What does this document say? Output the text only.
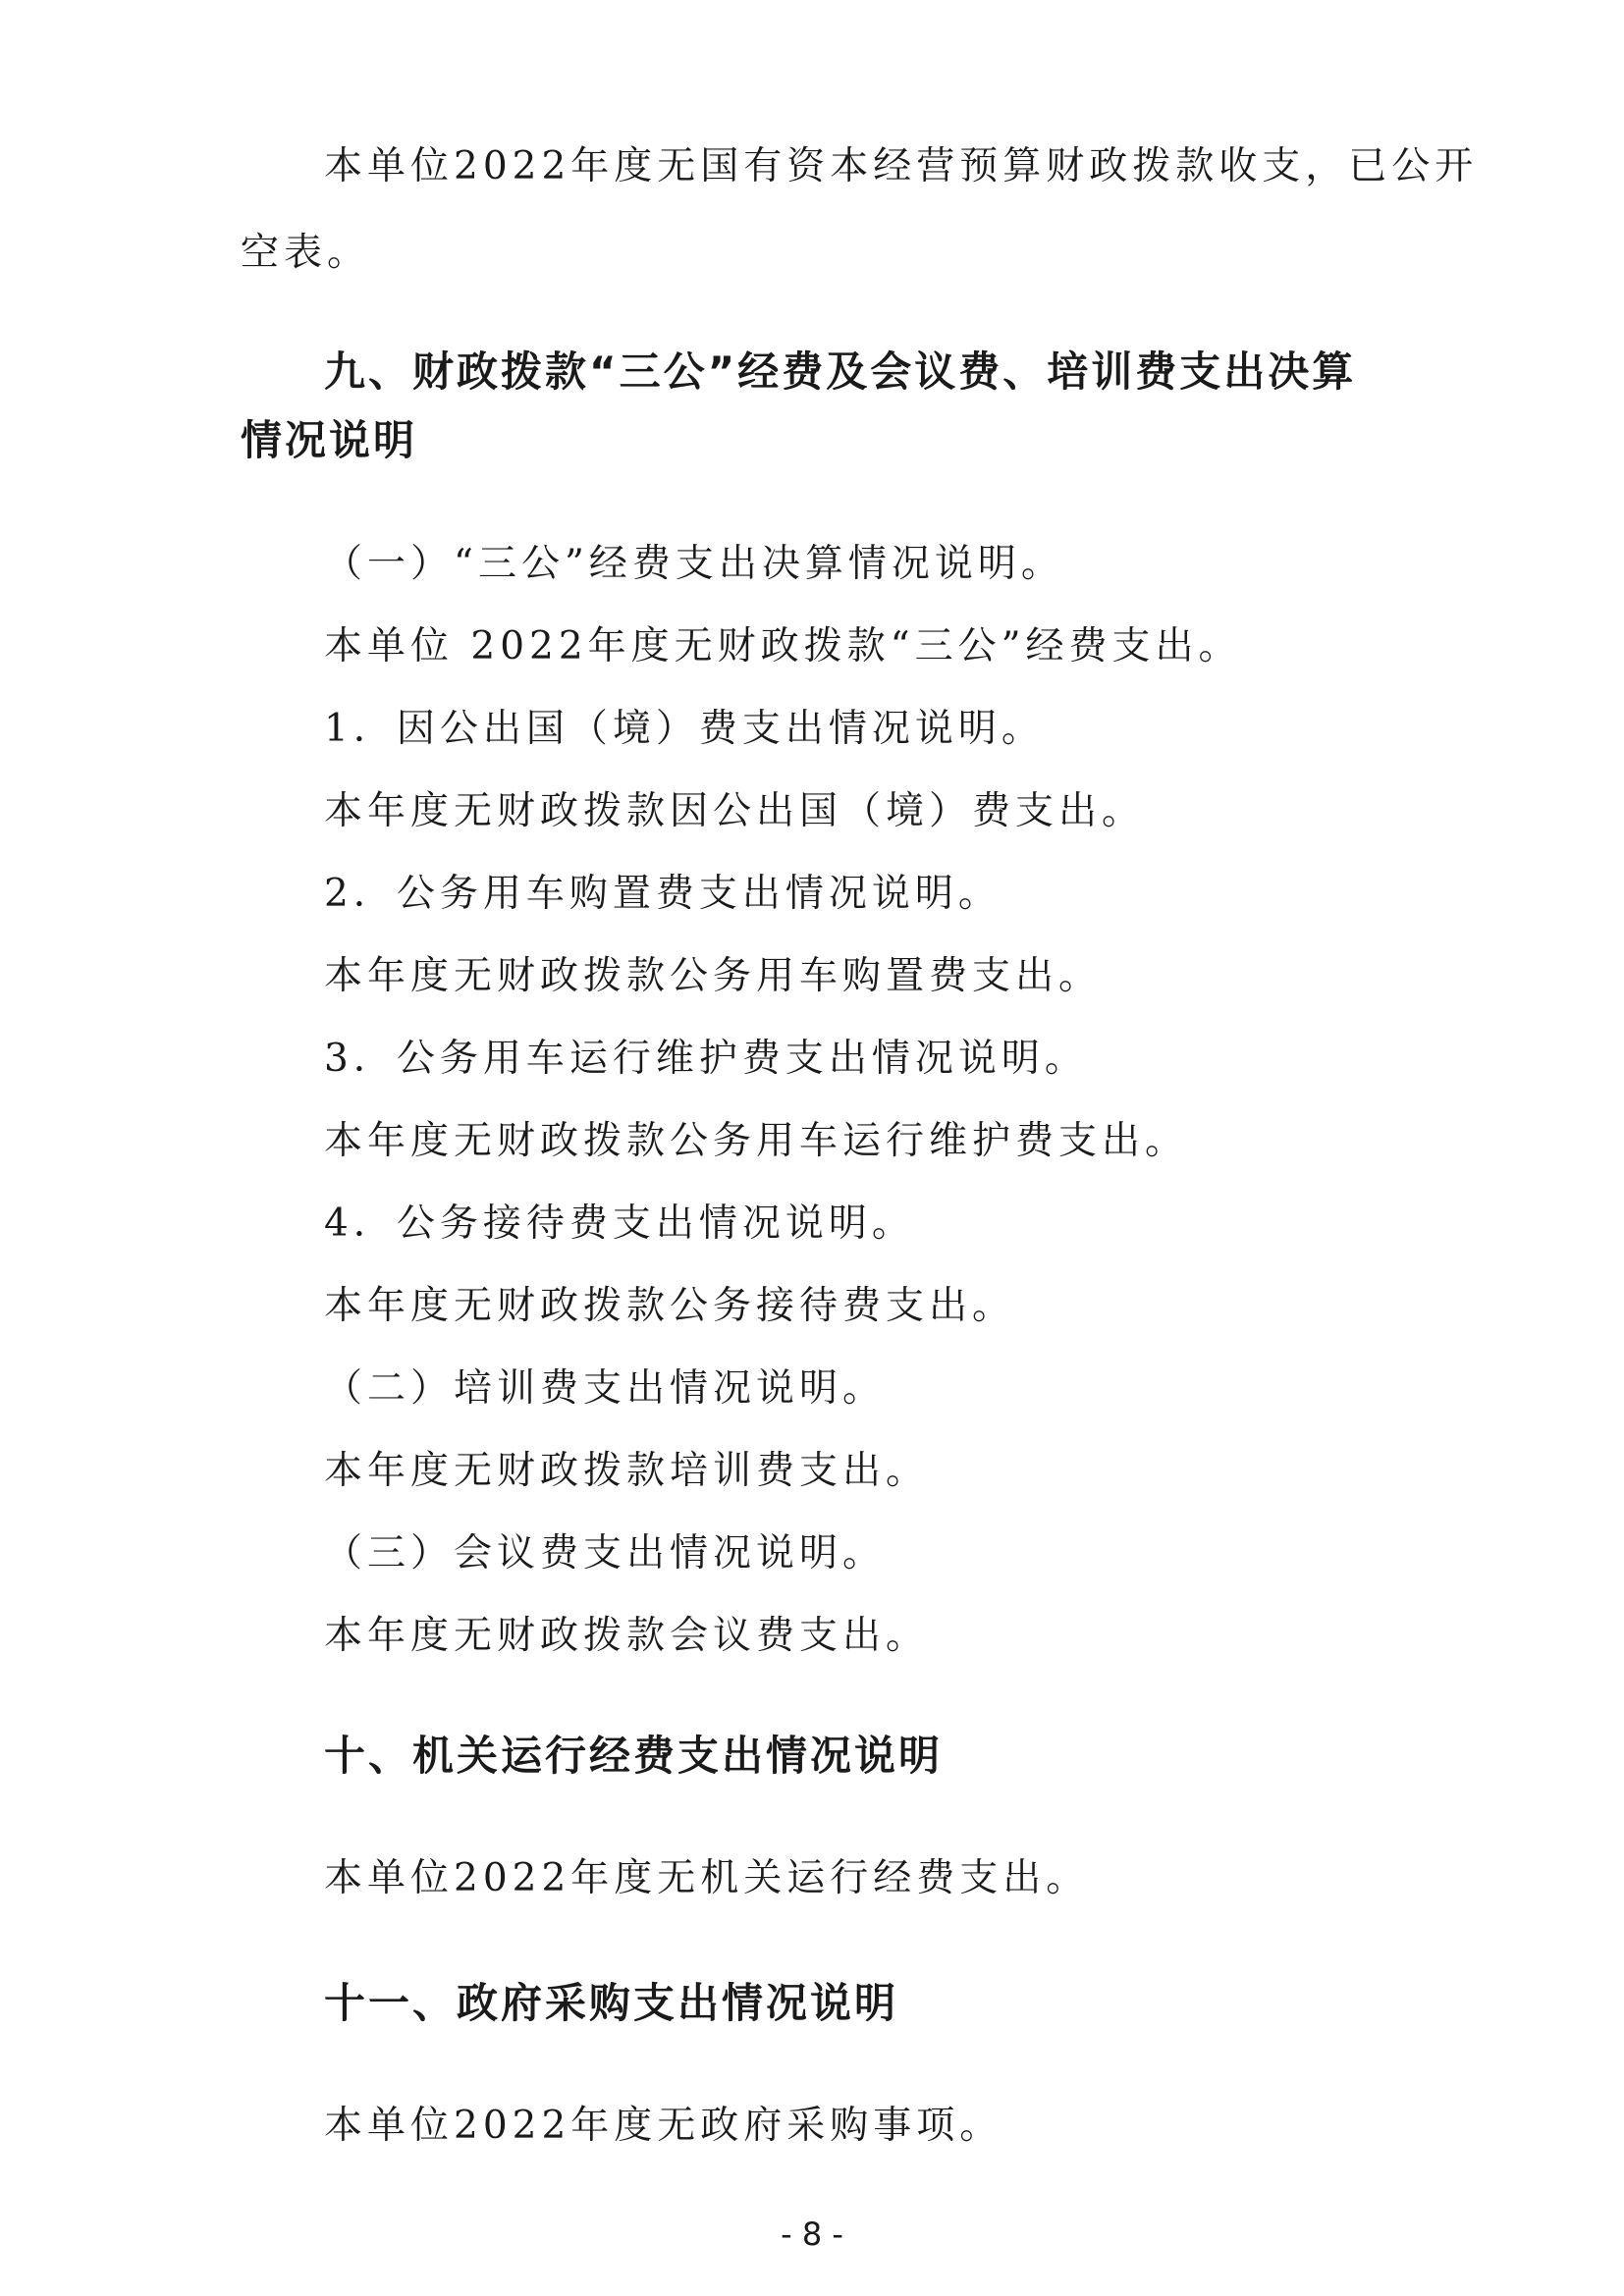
本单位2022年度无国有资本经营预算财政拨款收支，已公开
空表。
九、财政拨款“三公”经费及会议费、培训费支出决算
情况说明
（一）“三公”经费支出决算情况说明。
本单位 2022年度无财政拨款“三公”经费支出。
1．因公出国（境）费支出情况说明。
本年度无财政拨款因公出国（境）费支出。
2．公务用车购置费支出情况说明。
本年度无财政拨款公务用车购置费支出。
3．公务用车运行维护费支出情况说明。
本年度无财政拨款公务用车运行维护费支出。
4．公务接待费支出情况说明。
本年度无财政拨款公务接待费支出。
（二）培训费支出情况说明。
本年度无财政拨款培训费支出。
（三）会议费支出情况说明。
本年度无财政拨款会议费支出。
十、机关运行经费支出情况说明
本单位2022年度无机关运行经费支出。
十一、政府采购支出情况说明
本单位2022年度无政府采购事项。
- 8 -
